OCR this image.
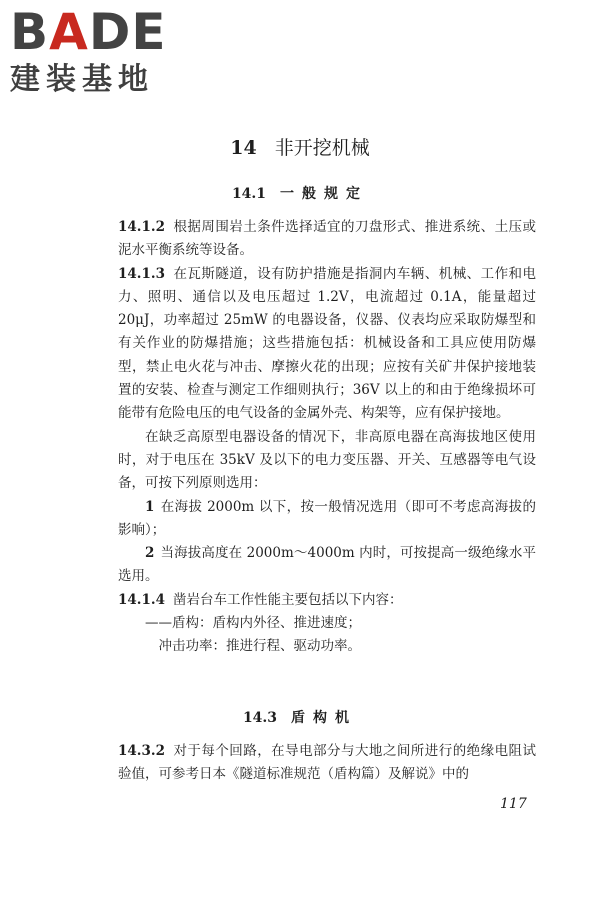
BADE
建装基地
14 非开挖机械
14.1 一般规定

14.1.2 根据周围岩土条件选择适宜的刀盘形式、推进系统、土压或泥水平衡系统等设备。

14.1.3 在瓦斯隧道，设有防护措施是指洞内车辆、机械、工作和电力、照明、通信以及电压超过 1.2V，电流超过 0.1A，能量超过 20μJ，功率超过 25mW 的电器设备，仪器、仪表均应采取防爆型和有关作业的防爆措施；这些措施包括：机械设备和工具应使用防爆型，禁止电火花与冲击、摩擦火花的出现；应按有关矿井保护接地装置的安装、检查与测定工作细则执行；36V 以上的和由于绝缘损坏可能带有危险电压的电气设备的金属外壳、构架等，应有保护接地。

在缺乏高原型电器设备的情况下，非高原电器在高海拔地区使用时，对于电压在 35kV 及以下的电力变压器、开关、互感器等电气设备，可按下列原则选用：

1 在海拔 2000m 以下，按一般情况选用（即可不考虑高海拔的影响）；

2 当海拔高度在 2000m～4000m 内时，可按提高一级绝缘水平选用。

14.1.4 凿岩台车工作性能主要包括以下内容：

——盾构：盾构内外径、推进速度；

冲击功率：推进行程、驱动功率。

14.3 盾构机

14.3.2 对于每个回路，在导电部分与大地之间所进行的绝缘电阻试验值，可参考日本《隧道标准规范（盾构篇）及解说》中的

117
